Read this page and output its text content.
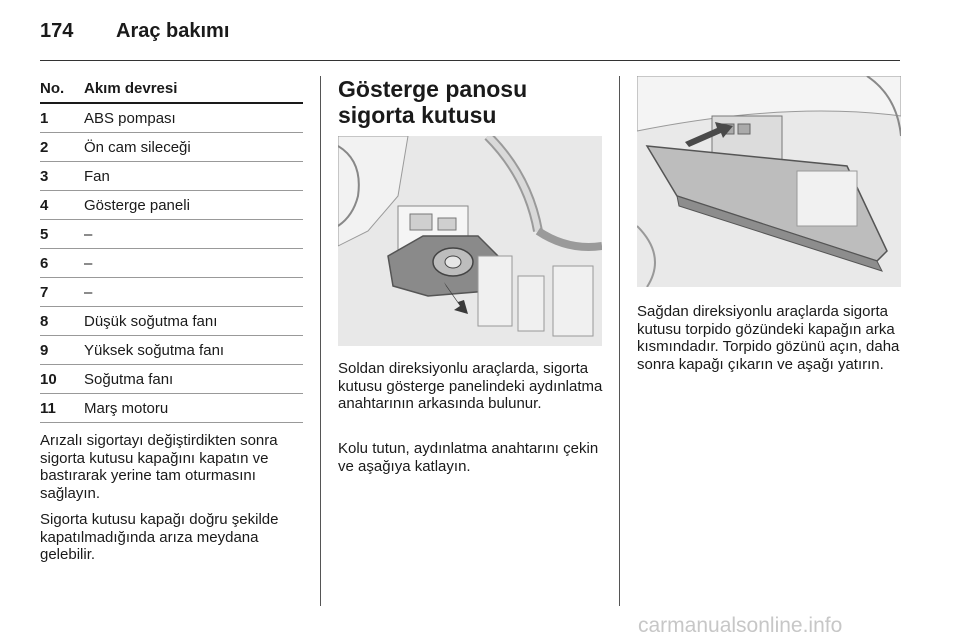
174 Araç bakımı
No. Akım devresi
1 ABS pompası
2 Ön cam sileceği
3 Fan
4 Gösterge paneli
5 –
6 –
7 –
8 Düşük soğutma fanı
9 Yüksek soğutma fanı
10 Soğutma fanı
11 Marş motoru

Arızalı sigortayı değiştirdikten sonra sigorta kutusu kapağını kapatın ve bastırarak yerine tam oturmasını sağlayın.

Sigorta kutusu kapağı doğru şekilde kapatılmadığında arıza meydana gelebilir.

Gösterge panosu sigorta kutusu

Soldan direksiyonlu araçlarda, sigorta kutusu gösterge panelindeki aydınlatma anahtarının arkasında bulunur.

Kolu tutun, aydınlatma anahtarını çekin ve aşağıya katlayın.

Sağdan direksiyonlu araçlarda sigorta kutusu torpido gözündeki kapağın arka kısmındadır. Torpido gözünü açın, daha sonra kapağı çıkarın ve aşağı yatırın.

carmanualsonline.info
